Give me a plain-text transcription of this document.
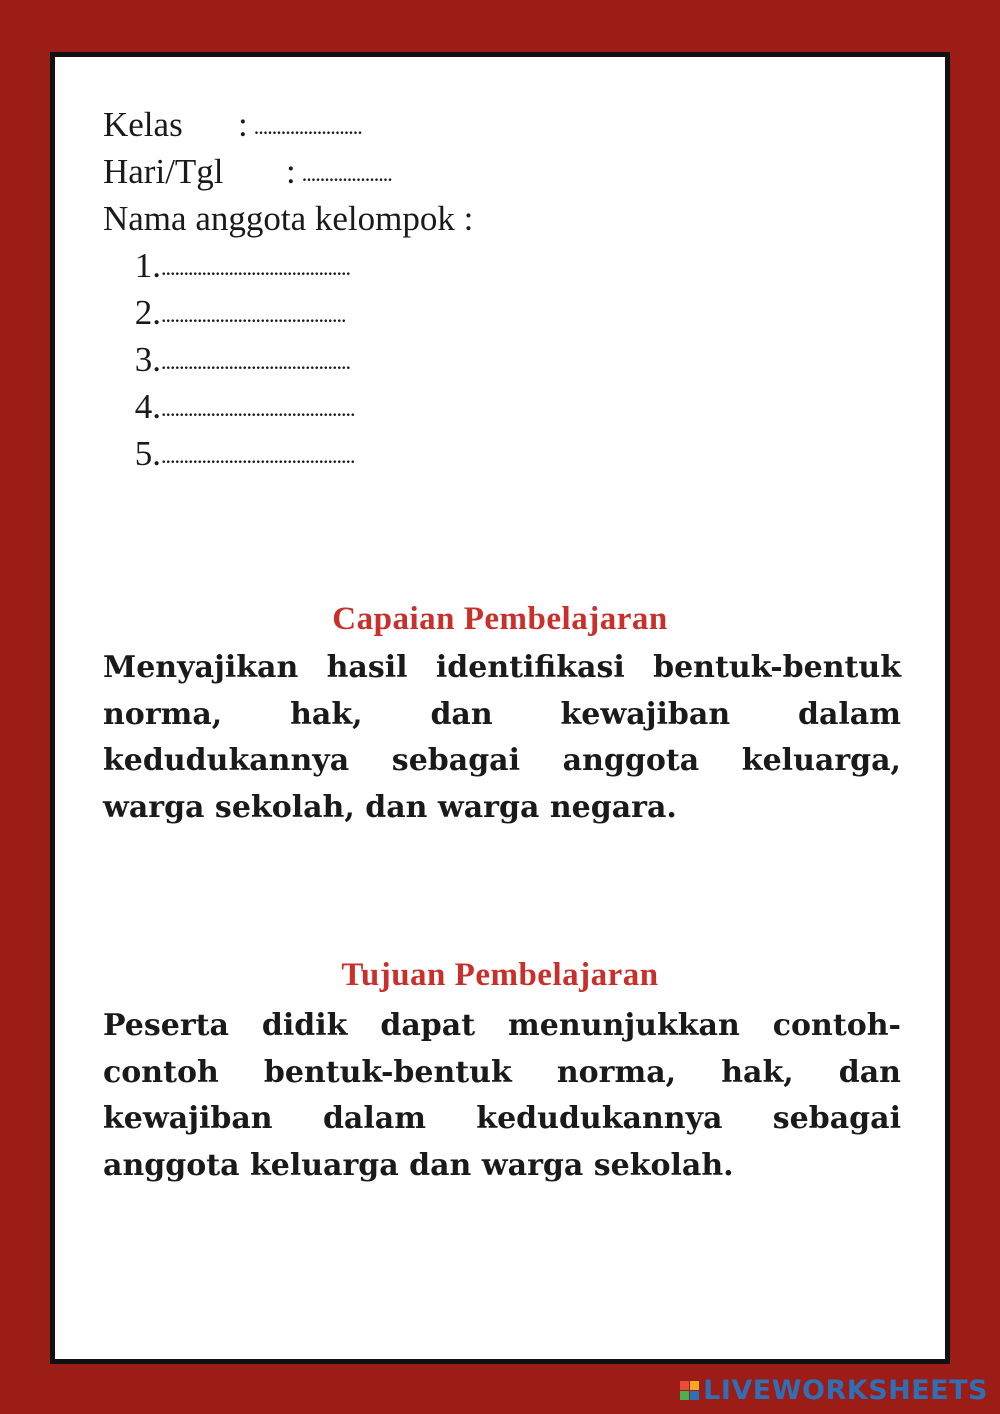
Kelas	: ........................
Hari/Tgl	: ....................
Nama anggota kelompok :
1. ..........................................
2. .........................................
3. ..........................................
4. ...........................................
5. ...........................................
Capaian Pembelajaran
Menyajikan hasil identifikasi bentuk-bentuk norma, hak, dan kewajiban dalam kedudukannya sebagai anggota keluarga, warga sekolah, dan warga negara.
Tujuan Pembelajaran
Peserta didik dapat menunjukkan contoh-contoh bentuk-bentuk norma, hak, dan kewajiban dalam kedudukannya sebagai anggota keluarga dan warga sekolah.
LIVEWORKSHEETS
